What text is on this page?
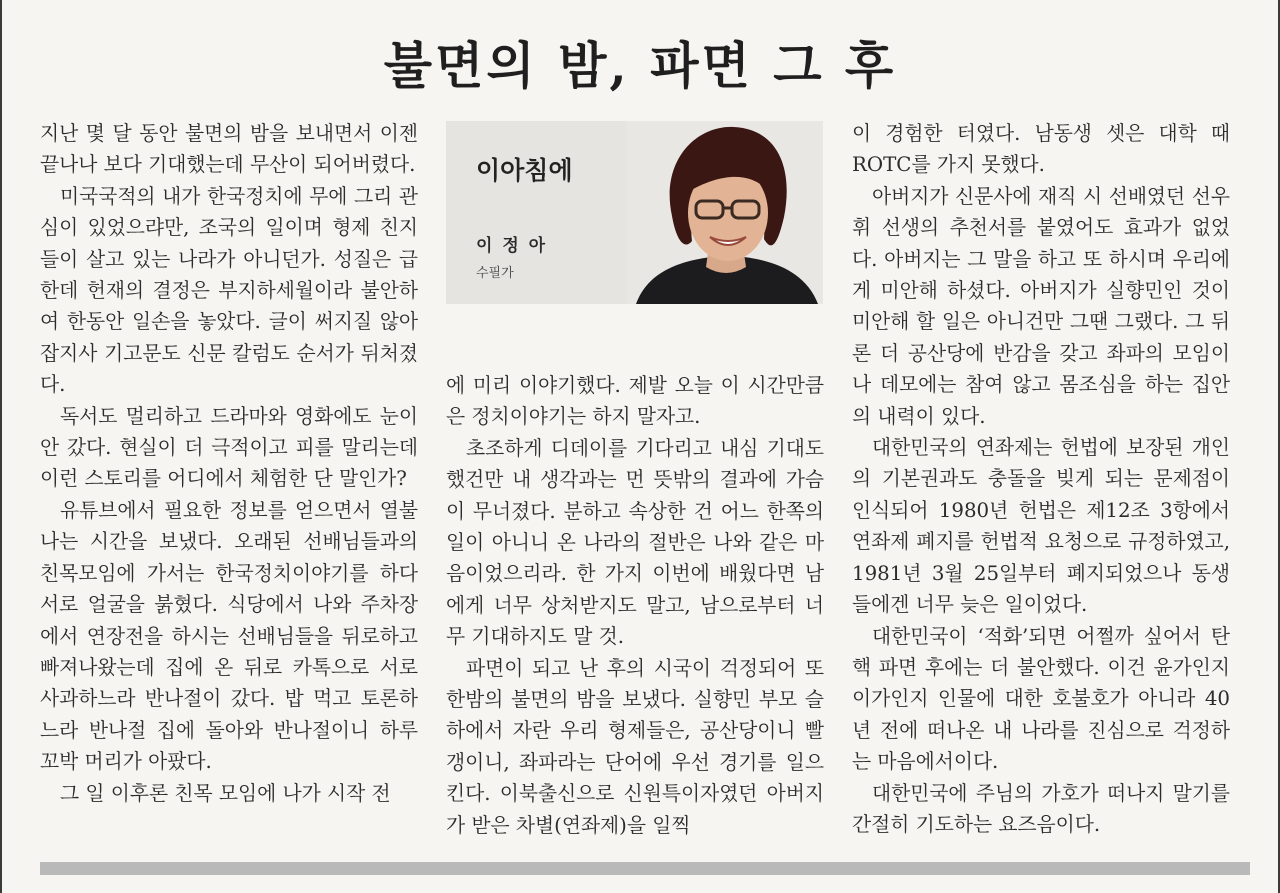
불면의 밤, 파면 그 후

지난 몇 달 동안 불면의 밤을 보내면서 이젠 끝나나 보다 기대했는데 무산이 되어버렸다.

미국국적의 내가 한국정치에 무에 그리 관심이 있었으랴만, 조국의 일이며 형제 친지들이 살고 있는 나라가 아니던가. 성질은 급한데 헌재의 결정은 부지하세월이라 불안하여 한동안 일손을 놓았다. 글이 써지질 않아 잡지사 기고문도 신문 칼럼도 순서가 뒤처졌다.

독서도 멀리하고 드라마와 영화에도 눈이 안 갔다. 현실이 더 극적이고 피를 말리는데 이런 스토리를 어디에서 체험한 단 말인가?

유튜브에서 필요한 정보를 얻으면서 열불 나는 시간을 보냈다. 오래된 선배님들과의 친목모임에 가서는 한국정치이야기를 하다 서로 얼굴을 붉혔다. 식당에서 나와 주차장에서 연장전을 하시는 선배님들을 뒤로하고 빠져나왔는데 집에 온 뒤로 카톡으로 서로 사과하느라 반나절이 갔다. 밥 먹고 토론하느라 반나절 집에 돌아와 반나절이니 하루 꼬박 머리가 아팠다.

그 일 이후론 친목 모임에 나가 시작 전

이아침에
이 정 아
수필가

에 미리 이야기했다. 제발 오늘 이 시간만큼은 정치이야기는 하지 말자고.

초조하게 디데이를 기다리고 내심 기대도 했건만 내 생각과는 먼 뜻밖의 결과에 가슴이 무너졌다. 분하고 속상한 건 어느 한쪽의 일이 아니니 온 나라의 절반은 나와 같은 마음이었으리라. 한 가지 이번에 배웠다면 남에게 너무 상처받지도 말고, 남으로부터 너무 기대하지도 말 것.

파면이 되고 난 후의 시국이 걱정되어 또 한밤의 불면의 밤을 보냈다. 실향민 부모 슬하에서 자란 우리 형제들은, 공산당이니 빨갱이니, 좌파라는 단어에 우선 경기를 일으킨다. 이북출신으로 신원특이자였던 아버지가 받은 차별(연좌제)을 일찍

이 경험한 터였다. 남동생 셋은 대학 때 ROTC를 가지 못했다.

아버지가 신문사에 재직 시 선배였던 선우 휘 선생의 추천서를 붙였어도 효과가 없었다. 아버지는 그 말을 하고 또 하시며 우리에게 미안해 하셨다. 아버지가 실향민인 것이 미안해 할 일은 아니건만 그땐 그랬다. 그 뒤론 더 공산당에 반감을 갖고 좌파의 모임이나 데모에는 참여 않고 몸조심을 하는 집안의 내력이 있다.

대한민국의 연좌제는 헌법에 보장된 개인의 기본권과도 충돌을 빚게 되는 문제점이 인식되어 1980년 헌법은 제12조 3항에서 연좌제 폐지를 헌법적 요청으로 규정하였고, 1981년 3월 25일부터 폐지되었으나 동생들에겐 너무 늦은 일이었다.

대한민국이 ‘적화’되면 어쩔까 싶어서 탄핵 파면 후에는 더 불안했다. 이건 윤가인지 이가인지 인물에 대한 호불호가 아니라 40년 전에 떠나온 내 나라를 진심으로 걱정하는 마음에서이다.

대한민국에 주님의 가호가 떠나지 말기를 간절히 기도하는 요즈음이다.
